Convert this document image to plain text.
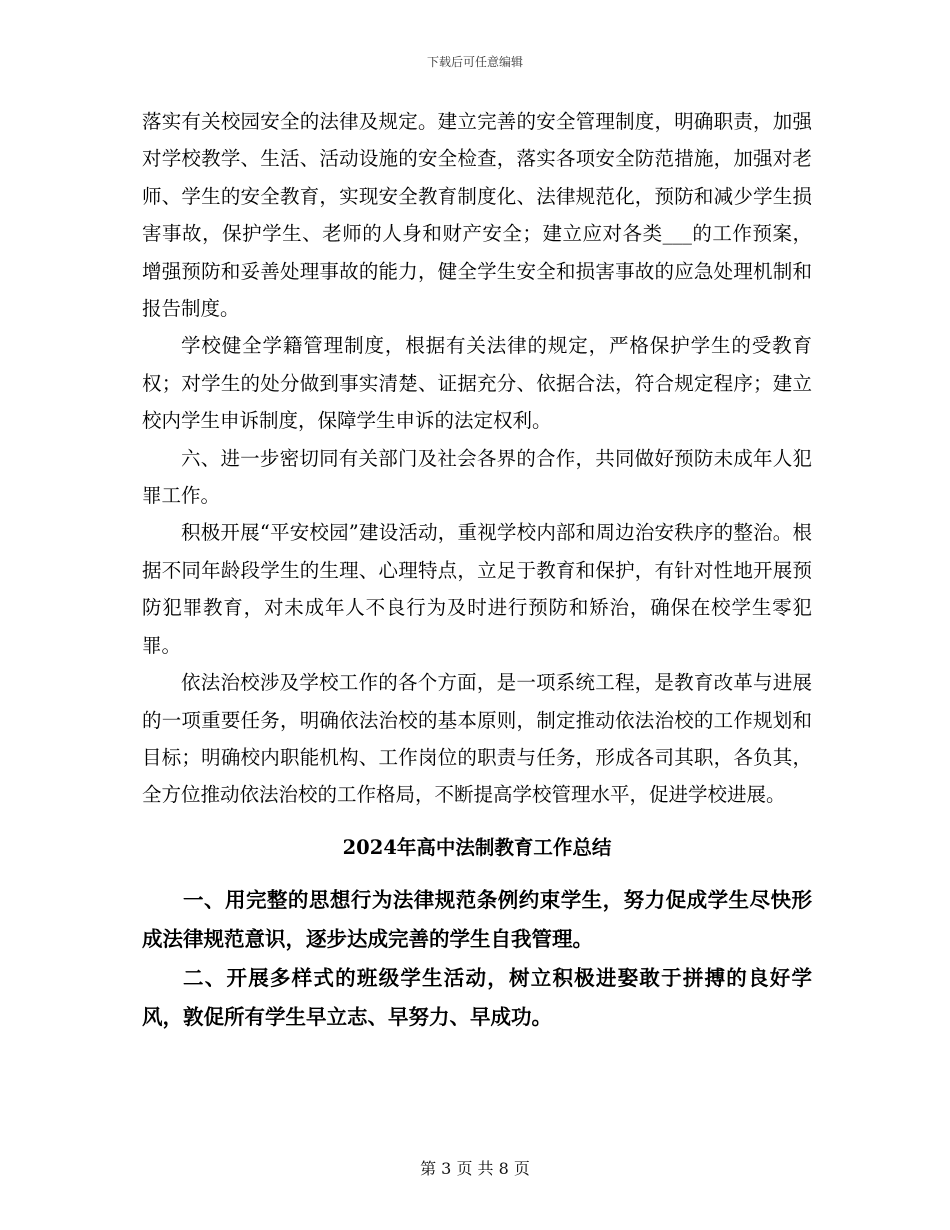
下载后可任意编辑

落实有关校园安全的法律及规定。建立完善的安全管理制度，明确职责，加强对学校教学、生活、活动设施的安全检查，落实各项安全防范措施，加强对老师、学生的安全教育，实现安全教育制度化、法律规范化，预防和减少学生损害事故，保护学生、老师的人身和财产安全；建立应对各类___的工作预案，增强预防和妥善处理事故的能力，健全学生安全和损害事故的应急处理机制和报告制度。

学校健全学籍管理制度，根据有关法律的规定，严格保护学生的受教育权；对学生的处分做到事实清楚、证据充分、依据合法，符合规定程序；建立校内学生申诉制度，保障学生申诉的法定权利。

六、进一步密切同有关部门及社会各界的合作，共同做好预防未成年人犯罪工作。

积极开展“平安校园”建设活动，重视学校内部和周边治安秩序的整治。根据不同年龄段学生的生理、心理特点，立足于教育和保护，有针对性地开展预防犯罪教育，对未成年人不良行为及时进行预防和矫治，确保在校学生零犯罪。

依法治校涉及学校工作的各个方面，是一项系统工程，是教育改革与进展的一项重要任务，明确依法治校的基本原则，制定推动依法治校的工作规划和目标；明确校内职能机构、工作岗位的职责与任务，形成各司其职，各负其，全方位推动依法治校的工作格局，不断提高学校管理水平，促进学校进展。

2024年高中法制教育工作总结

一、用完整的思想行为法律规范条例约束学生，努力促成学生尽快形成法律规范意识，逐步达成完善的学生自我管理。

二、开展多样式的班级学生活动，树立积极进娶敢于拼搏的良好学风，敦促所有学生早立志、早努力、早成功。

第 3 页 共 8 页
